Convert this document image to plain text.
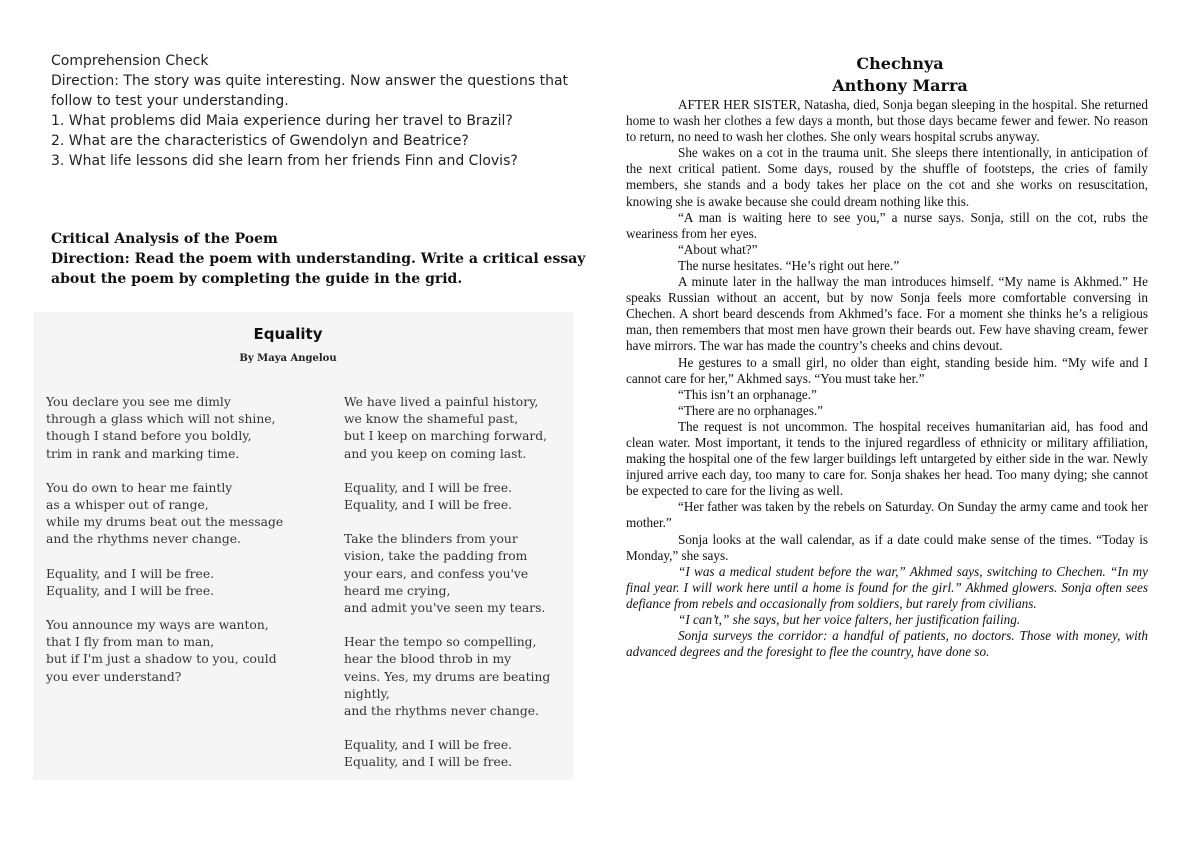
Comprehension Check
Direction: The story was quite interesting. Now answer the questions that
follow to test your understanding.
1. What problems did Maia experience during her travel to Brazil?
2. What are the characteristics of Gwendolyn and Beatrice?
3. What life lessons did she learn from her friends Finn and Clovis?
Critical Analysis of the Poem
Direction: Read the poem with understanding. Write a critical essay
about the poem by completing the guide in the grid.
Equality
By Maya Angelou
You declare you see me dimly
through a glass which will not shine,
though I stand before you boldly,
trim in rank and marking time.
You do own to hear me faintly
as a whisper out of range,
while my drums beat out the message
and the rhythms never change.
Equality, and I will be free.
Equality, and I will be free.
You announce my ways are wanton,
that I fly from man to man,
but if I'm just a shadow to you, could
you ever understand?
We have lived a painful history,
we know the shameful past,
but I keep on marching forward,
and you keep on coming last.
Equality, and I will be free.
Equality, and I will be free.
Take the blinders from your
vision, take the padding from
your ears, and confess you've
heard me crying,
and admit you've seen my tears.
Hear the tempo so compelling,
hear the blood throb in my
veins. Yes, my drums are beating
nightly,
and the rhythms never change.
Equality, and I will be free.
Equality, and I will be free.
Chechnya
Anthony Marra

AFTER HER SISTER, Natasha, died, Sonja began sleeping in the hospital. She returned home to wash her clothes a few days a month, but those days became fewer and fewer. No reason to return, no need to wash her clothes. She only wears hospital scrubs anyway.

She wakes on a cot in the trauma unit. She sleeps there intentionally, in anticipation of the next critical patient. Some days, roused by the shuffle of footsteps, the cries of family members, she stands and a body takes her place on the cot and she works on resuscitation, knowing she is awake because she could dream nothing like this.

“A man is waiting here to see you,” a nurse says. Sonja, still on the cot, rubs the weariness from her eyes.

“About what?”

The nurse hesitates. “He’s right out here.”

A minute later in the hallway the man introduces himself. “My name is Akhmed.” He speaks Russian without an accent, but by now Sonja feels more comfortable conversing in Chechen. A short beard descends from Akhmed’s face. For a moment she thinks he’s a religious man, then remembers that most men have grown their beards out. Few have shaving cream, fewer have mirrors. The war has made the country’s cheeks and chins devout.

He gestures to a small girl, no older than eight, standing beside him. “My wife and I cannot care for her,” Akhmed says. “You must take her.”

“This isn’t an orphanage.”

“There are no orphanages.”

The request is not uncommon. The hospital receives humanitarian aid, has food and clean water. Most important, it tends to the injured regardless of ethnicity or military affiliation, making the hospital one of the few larger buildings left untargeted by either side in the war. Newly injured arrive each day, too many to care for. Sonja shakes her head. Too many dying; she cannot be expected to care for the living as well.

“Her father was taken by the rebels on Saturday. On Sunday the army came and took her mother.”

Sonja looks at the wall calendar, as if a date could make sense of the times. “Today is Monday,” she says.

“I was a medical student before the war,” Akhmed says, switching to Chechen. “In my final year. I will work here until a home is found for the girl.” Akhmed glowers. Sonja often sees defiance from rebels and occasionally from soldiers, but rarely from civilians.

“I can’t,” she says, but her voice falters, her justification failing.

Sonja surveys the corridor: a handful of patients, no doctors. Those with money, with advanced degrees and the foresight to flee the country, have done so.
